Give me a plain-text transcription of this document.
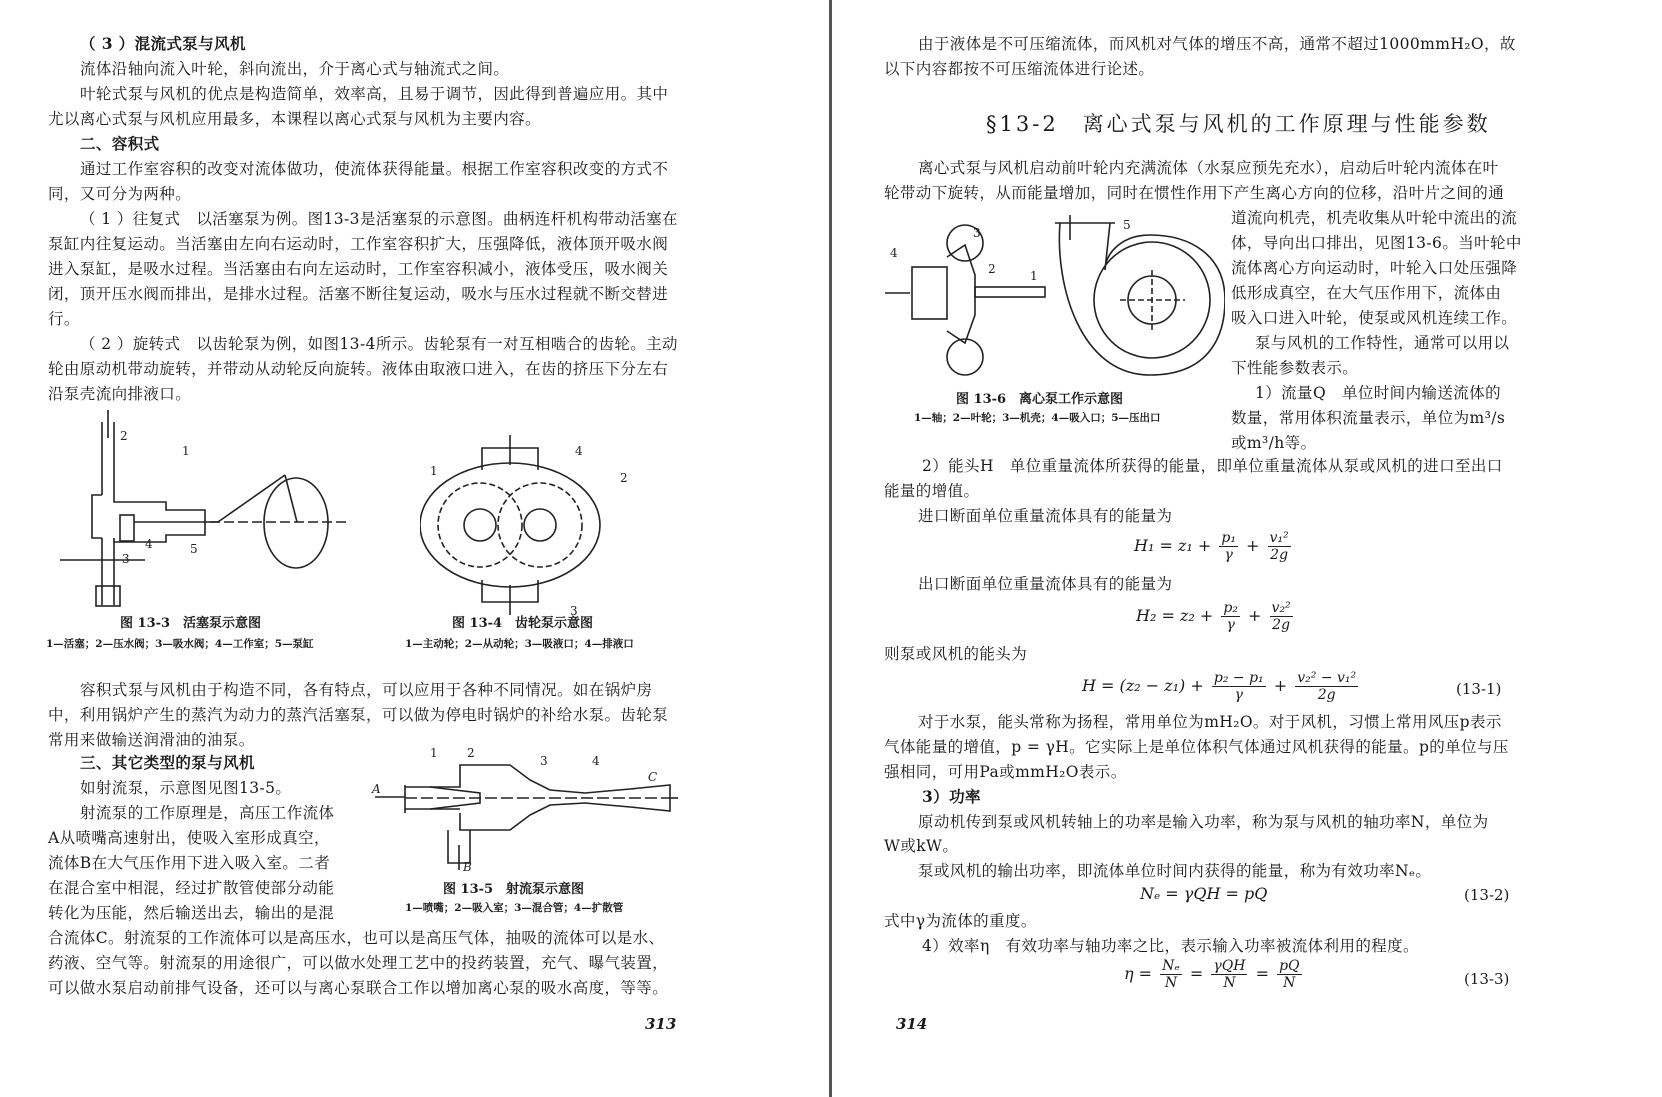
（ 3 ）混流式泵与风机
流体沿轴向流入叶轮，斜向流出，介于离心式与轴流式之间。
叶轮式泵与风机的优点是构造简单，效率高，且易于调节，因此得到普遍应用。其中
尤以离心式泵与风机应用最多，本课程以离心式泵与风机为主要内容。
二、容积式
通过工作室容积的改变对流体做功，使流体获得能量。根据工作室容积改变的方式不
同，又可分为两种。
（ 1 ）往复式　以活塞泵为例。图13-3是活塞泵的示意图。曲柄连杆机构带动活塞在
泵缸内往复运动。当活塞由左向右运动时，工作室容积扩大，压强降低，液体顶开吸水阀
进入泵缸，是吸水过程。当活塞由右向左运动时，工作室容积减小，液体受压，吸水阀关
闭，顶开压水阀而排出，是排水过程。活塞不断往复运动，吸水与压水过程就不断交替进
行。
（ 2 ）旋转式　以齿轮泵为例，如图13-4所示。齿轮泵有一对互相啮合的齿轮。主动
轮由原动机带动旋转，并带动从动轮反向旋转。液体由取液口进入，在齿的挤压下分左右
沿泵壳流向排液口。
2
1
3
4	5
图 13-3　活塞泵示意图
1—活塞；2—压水阀；3—吸水阀；4—工作室；5—泵缸
1	2
3
4
图 13-4　齿轮泵示意图
1—主动轮；2—从动轮；3—吸液口；4—排液口
容积式泵与风机由于构造不同，各有特点，可以应用于各种不同情况。如在锅炉房
中，利用锅炉产生的蒸汽为动力的蒸汽活塞泵，可以做为停电时锅炉的补给水泵。齿轮泵
常用来做输送润滑油的油泵。
三、其它类型的泵与风机
如射流泵，示意图见图13-5。
射流泵的工作原理是，高压工作流体
A从喷嘴高速射出，使吸入室形成真空，
流体B在大气压作用下进入吸入室。二者
在混合室中相混，经过扩散管使部分动能
转化为压能，然后输送出去，输出的是混
合流体C。射流泵的工作流体可以是高压水，也可以是高压气体，抽吸的流体可以是水、
药液、空气等。射流泵的用途很广，可以做水处理工艺中的投药装置，充气、曝气装置，
可以做水泵启动前排气设备，还可以与离心泵联合工作以增加离心泵的吸水高度，等等。
1 2
3	4
A
B
C
图 13-5　射流泵示意图
1—喷嘴；2—吸入室；3—混合管；4—扩散管
313
由于液体是不可压缩流体，而风机对气体的增压不高，通常不超过1000mmH₂O，故
以下内容都按不可压缩流体进行论述。
§13-2　离心式泵与风机的工作原理与性能参数
离心式泵与风机启动前叶轮内充满流体（水泵应预先充水），启动后叶轮内流体在叶
轮带动下旋转，从而能量增加，同时在惯性作用下产生离心方向的位移，沿叶片之间的通
道流向机壳，机壳收集从叶轮中流出的流
体，导向出口排出，见图13-6。当叶轮中
流体离心方向运动时，叶轮入口处压强降
低形成真空，在大气压作用下，流体由
吸入口进入叶轮，使泵或风机连续工作。
泵与风机的工作特性，通常可以用以
下性能参数表示。
1）流量Q　单位时间内输送流体的
数量，常用体积流量表示，单位为m³/s
或m³/h等。
4
3
2	1
5
图 13-6　离心泵工作示意图
1—轴；2—叶轮；3—机壳；4—吸入口；5—压出口
2）能头H　单位重量流体所获得的能量，即单位重量流体从泵或风机的进口至出口
能量的增值。
进口断面单位重量流体具有的能量为
$H_1 = z_1 + \frac{\text{p₁}}{\gamma} + \frac{\text{v₁²}}{2g}$
出口断面单位重量流体具有的能量为
$H_2 = z_2 + \frac{\text{p₂}}{\gamma} + \frac{\text{v₂²}}{2g}$
则泵或风机的能头为
$H = (z_2 - z_1) + \frac{\text{p₂ − p₁}}{\gamma} + \frac{\text{v₂² − v₁²}}{2g}$	(13-1)
对于水泵，能头常称为扬程，常用单位为mH₂O。对于风机，习惯上常用风压p表示
气体能量的增值，p = γH。它实际上是单位体积气体通过风机获得的能量。p的单位与压
强相同，可用Pa或mmH₂O表示。
3）功率
原动机传到泵或风机转轴上的功率是输入功率，称为泵与风机的轴功率N，单位为
W或kW。
泵或风机的输出功率，即流体单位时间内获得的能量，称为有效功率Nₑ。
Nₑ = γQH = pQ	(13-2)
式中γ为流体的重度。
4）效率η　有效功率与轴功率之比，表示输入功率被流体利用的程度。
$\eta = \frac{\text{Nₑ}}{N} = \frac{\text{γQH}}{N} = \frac{pQ}{N}$	(13-3)
314
